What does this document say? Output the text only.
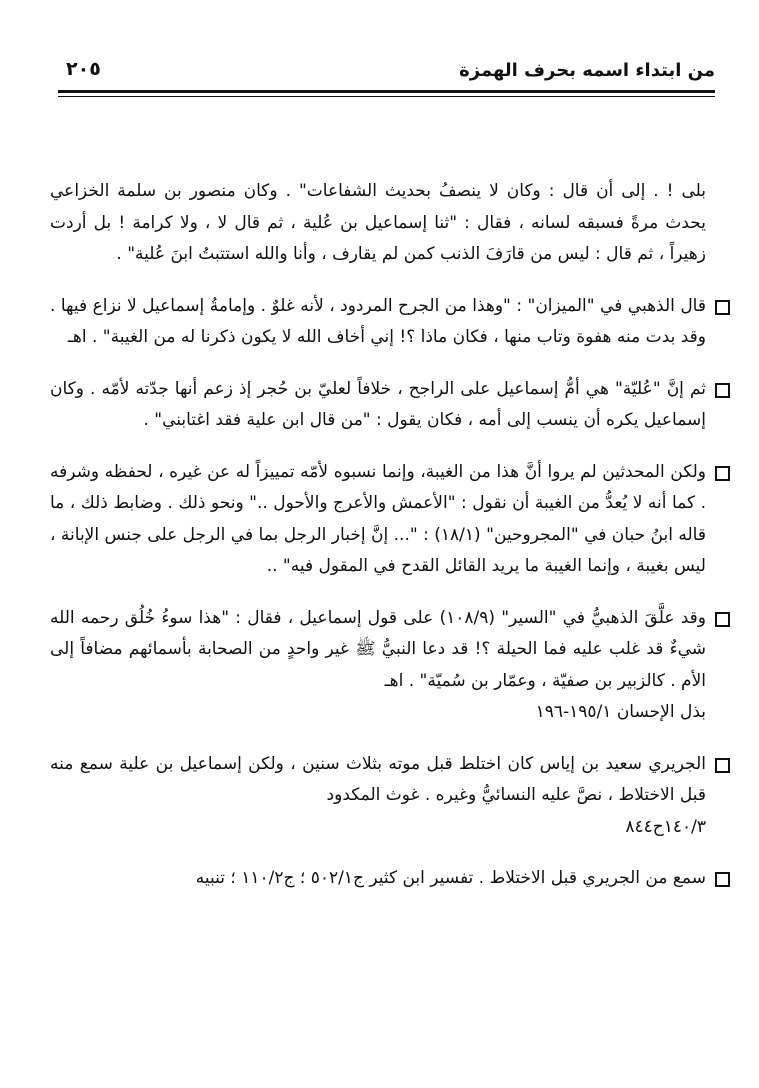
من ابتداء اسمه بحرف الهمزة
٢٠٥

بلى ! . إلى أن قال : وكان لا ينصفُ بحديث الشفاعات" . وكان منصور بن سلمة الخزاعي يحدث مرةً فسبقه لسانه ، فقال : "ثنا إسماعيل بن عُلية ، ثم قال لا ، ولا كرامة ! بل أردت زهيراً ، ثم قال : ليس من قارَفَ الذنب كمن لم يقارف ، وأنا والله استتبتُ ابنَ عُلية" .

قال الذهبي في "الميزان" : "وهذا من الجرح المردود ، لأنه غلوٌ . وإمامةُ إسماعيل لا نزاع فيها . وقد بدت منه هفوة وتاب منها ، فكان ماذا ؟! إني أخاف الله لا يكون ذكرنا له من الغيبة" . اهـ
ثم إنَّ "عُليّة" هي أمُّ إسماعيل على الراجح ، خلافاً لعليّ بن حُجر إذ زعم أنها جدّته لأمّه . وكان إسماعيل يكره أن ينسب إلى أمه ، فكان يقول : "من قال ابن علية فقد اغتابني" .
ولكن المحدثين لم يروا أنَّ هذا من الغيبة، وإنما نسبوه لأمّه تمييزاً له عن غيره ، لحفظه وشرفه . كما أنه لا يُعدُّ من الغيبة أن نقول : "الأعمش والأعرج والأحول .." ونحو ذلك . وضابط ذلك ، ما قاله ابنُ حبان في "المجروحين" (١٨/١) : "... إنَّ إخبار الرجل بما في الرجل على جنس الإبانة ، ليس بغيبة ، وإنما الغيبة ما يريد القائل القدح في المقول فيه" ..
وقد علَّقَ الذهبيُّ في "السير" (١٠٨/٩) على قول إسماعيل ، فقال : "هذا سوءُ خُلُق رحمه الله شيءٌ قد غلب عليه فما الحيلة ؟! قد دعا النبيُّ ﷺ غير واحدٍ من الصحابة بأسمائهم مضافاً إلى الأم . كالزبير بن صفيّة ، وعمّار بن سُميّة" . اهـ
بذل الإحسان ١٩٥/١-١٩٦
الجريري سعيد بن إياس كان اختلط قبل موته بثلاث سنين ، ولكن إسماعيل بن علية سمع منه قبل الاختلاط ، نصَّ عليه النسائيُّ وغيره . غوث المكدود
١٤٠/٣ح٨٤٤
سمع من الجريري قبل الاختلاط . تفسير ابن كثير ج٥٠٢/١ ؛ ج١١٠/٢ ؛ تنبيه
